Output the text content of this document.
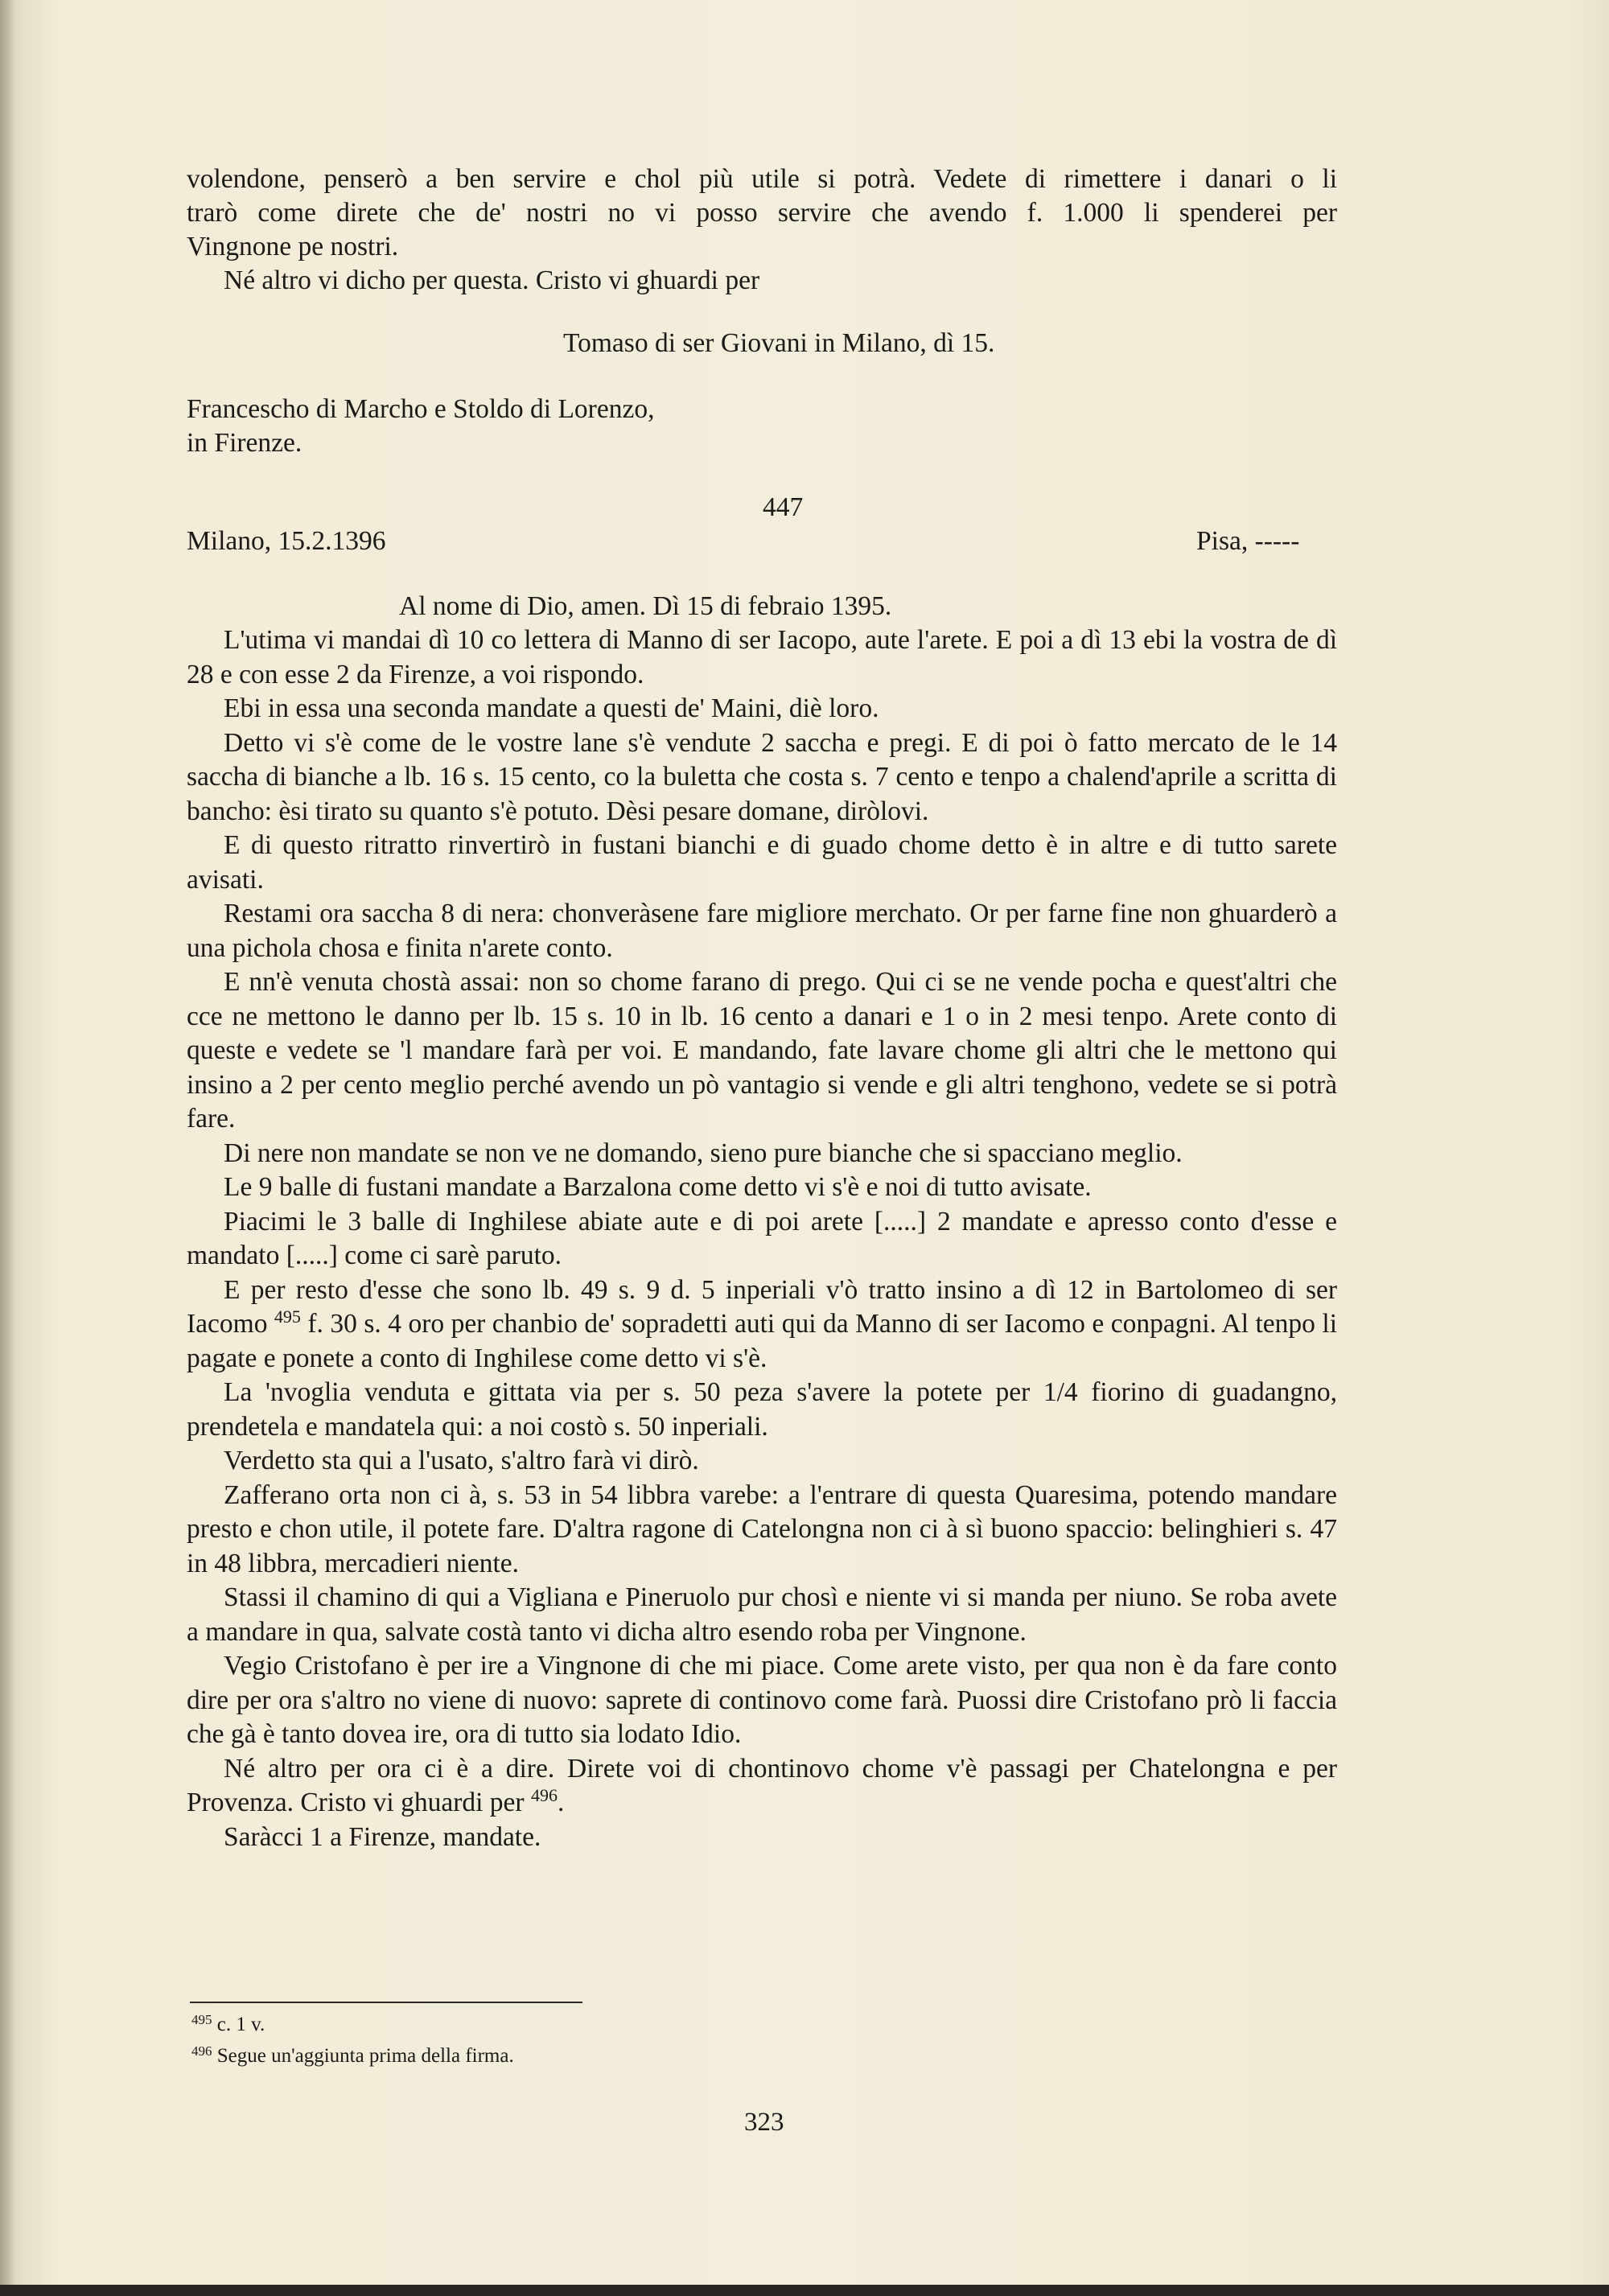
volendone, penserò a ben servire e chol più utile si potrà. Vedete di rimettere i danari o li
trarò come direte che de' nostri no vi posso servire che avendo f. 1.000 li spenderei per
Vingnone pe nostri.
Né altro vi dicho per questa. Cristo vi ghuardi per
Tomaso di ser Giovani in Milano, dì 15.
Francescho di Marcho e Stoldo di Lorenzo,
in Firenze.
447
Milano, 15.2.1396	Pisa, -----
Al nome di Dio, amen. Dì 15 di febraio 1395.
L'utima vi mandai dì 10 co lettera di Manno di ser Iacopo, aute l'arete. E poi a dì 13 ebi la vostra de dì 28 e con esse 2 da Firenze, a voi rispondo.
Ebi in essa una seconda mandate a questi de' Maini, diè loro.
Detto vi s'è come de le vostre lane s'è vendute 2 saccha e pregi. E di poi ò fatto mercato de le 14 saccha di bianche a lb. 16 s. 15 cento, co la buletta che costa s. 7 cento e tenpo a chalend'aprile a scritta di bancho: èsi tirato su quanto s'è potuto. Dèsi pesare domane, diròlovi.
E di questo ritratto rinvertirò in fustani bianchi e di guado chome detto è in altre e di tutto sarete avisati.
Restami ora saccha 8 di nera: chonveràsene fare migliore merchato. Or per farne fine non ghuarderò a una pichola chosa e finita n'arete conto.
E nn'è venuta chostà assai: non so chome farano di prego. Qui ci se ne vende pocha e quest'altri che cce ne mettono le danno per lb. 15 s. 10 in lb. 16 cento a danari e 1 o in 2 mesi tenpo. Arete conto di queste e vedete se 'l mandare farà per voi. E mandando, fate lavare chome gli altri che le mettono qui insino a 2 per cento meglio perché avendo un pò vantagio si vende e gli altri tenghono, vedete se si potrà fare.
Di nere non mandate se non ve ne domando, sieno pure bianche che si spacciano meglio.
Le 9 balle di fustani mandate a Barzalona come detto vi s'è e noi di tutto avisate.
Piacimi le 3 balle di Inghilese abiate aute e di poi arete [.....] 2 mandate e apresso conto d'esse e mandato [.....] come ci sarè paruto.
E per resto d'esse che sono lb. 49 s. 9 d. 5 inperiali v'ò tratto insino a dì 12 in Bartolomeo di ser Iacomo $^{495}$ f. 30 s. 4 oro per chanbio de' sopradetti auti qui da Manno di ser Iacomo e conpagni. Al tenpo li pagate e ponete a conto di Inghilese come detto vi s'è.
La 'nvoglia venduta e gittata via per s. 50 peza s'avere la potete per 1/4 fiorino di guadangno, prendetela e mandatela qui: a noi costò s. 50 inperiali.
Verdetto sta qui a l'usato, s'altro farà vi dirò.
Zafferano orta non ci à, s. 53 in 54 libbra varebe: a l'entrare di questa Quaresima, potendo mandare presto e chon utile, il potete fare. D'altra ragone di Catelongna non ci à sì buono spaccio: belinghieri s. 47 in 48 libbra, mercadieri niente.
Stassi il chamino di qui a Vigliana e Pineruolo pur chosì e niente vi si manda per niuno. Se roba avete a mandare in qua, salvate costà tanto vi dicha altro esendo roba per Vingnone.
Vegio Cristofano è per ire a Vingnone di che mi piace. Come arete visto, per qua non è da fare conto dire per ora s'altro no viene di nuovo: saprete di continovo come farà. Puossi dire Cristofano prò li faccia che gà è tanto dovea ire, ora di tutto sia lodato Idio.
Né altro per ora ci è a dire. Direte voi di chontinovo chome v'è passagi per Chatelongna e per Provenza. Cristo vi ghuardi per $^{496}$.
Saràcci 1 a Firenze, mandate.
$^{495}$ c. 1 v.
$^{496}$ Segue un'aggiunta prima della firma.
323
